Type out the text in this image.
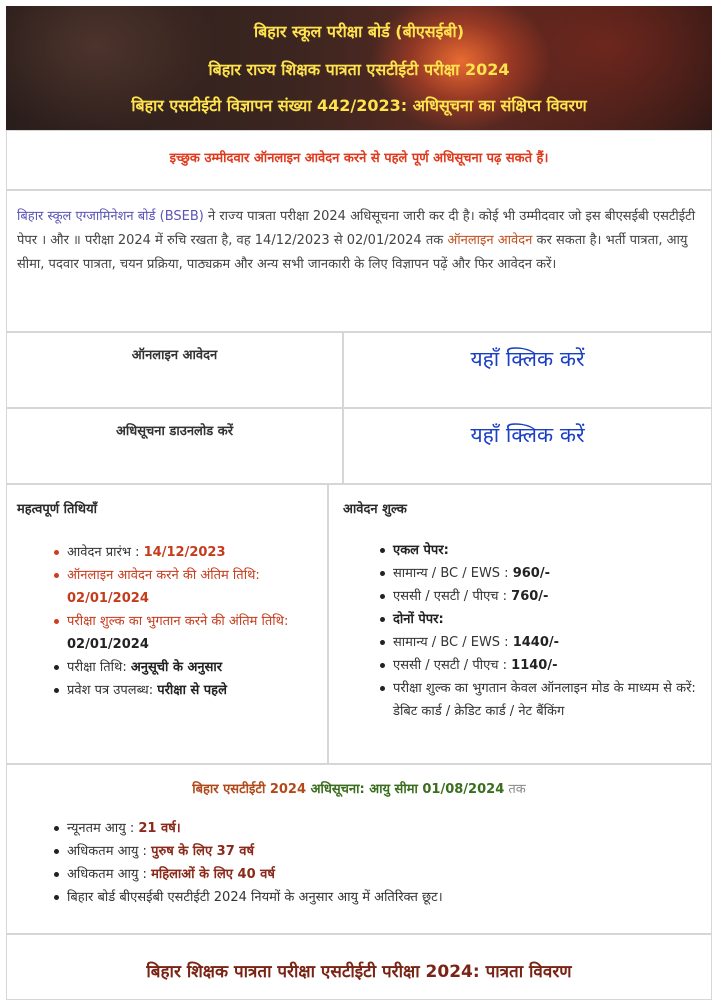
बिहार स्कूल परीक्षा बोर्ड (बीएसईबी)
बिहार राज्य शिक्षक पात्रता एसटीईटी परीक्षा 2024
बिहार एसटीईटी विज्ञापन संख्या 442/2023: अधिसूचना का संक्षिप्त विवरण
इच्छुक उम्मीदवार ऑनलाइन आवेदन करने से पहले पूर्ण अधिसूचना पढ़ सकते हैं।
बिहार स्कूल एग्जामिनेशन बोर्ड (BSEB) ने राज्य पात्रता परीक्षा 2024 अधिसूचना जारी कर दी है। कोई भी उम्मीदवार जो इस बीएसईबी एसटीईटी पेपर । और ॥ परीक्षा 2024 में रुचि रखता है, वह 14/12/2023 से 02/01/2024 तक ऑनलाइन आवेदन कर सकता है। भर्ती पात्रता, आयु सीमा, पदवार पात्रता, चयन प्रक्रिया, पाठ्यक्रम और अन्य सभी जानकारी के लिए विज्ञापन पढ़ें और फिर आवेदन करें।
ऑनलाइन आवेदन	यहाँ क्लिक करें
अधिसूचना डाउनलोड करें	यहाँ क्लिक करें
महत्वपूर्ण तिथियाँ
आवेदन प्रारंभ : 14/12/2023
ऑनलाइन आवेदन करने की अंतिम तिथि: 02/01/2024
परीक्षा शुल्क का भुगतान करने की अंतिम तिथि: 02/01/2024
परीक्षा तिथि: अनुसूची के अनुसार
प्रवेश पत्र उपलब्ध: परीक्षा से पहले
आवेदन शुल्क
एकल पेपर:
सामान्य / BC / EWS : 960/-
एससी / एसटी / पीएच : 760/-
दोनों पेपर:
सामान्य / BC / EWS : 1440/-
एससी / एसटी / पीएच : 1140/-
परीक्षा शुल्क का भुगतान केवल ऑनलाइन मोड के माध्यम से करें: डेबिट कार्ड / क्रेडिट कार्ड / नेट बैंकिंग
बिहार एसटीईटी 2024 अधिसूचना: आयु सीमा 01/08/2024 तक
न्यूनतम आयु : 21 वर्ष।
अधिकतम आयु : पुरुष के लिए 37 वर्ष
अधिकतम आयु : महिलाओं के लिए 40 वर्ष
बिहार बोर्ड बीएसईबी एसटीईटी 2024 नियमों के अनुसार आयु में अतिरिक्त छूट।
बिहार शिक्षक पात्रता परीक्षा एसटीईटी परीक्षा 2024: पात्रता विवरण
